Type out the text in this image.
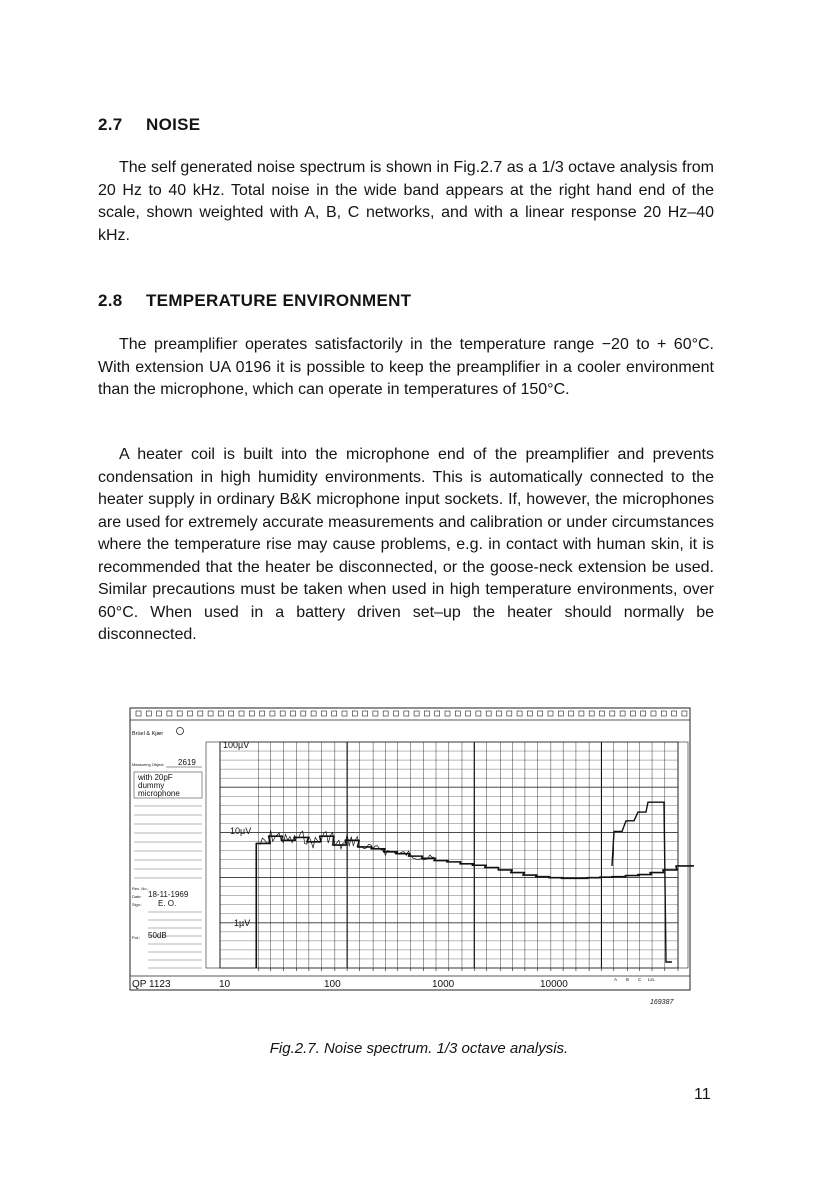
2.7 NOISE

The self generated noise spectrum is shown in Fig.2.7 as a 1/3 octave analysis from 20 Hz to 40 kHz. Total noise in the wide band appears at the right hand end of the scale, shown weighted with A, B, C networks, and with a linear response 20 Hz–40 kHz.

2.8 TEMPERATURE ENVIRONMENT

The preamplifier operates satisfactorily in the temperature range −20 to + 60°C. With extension UA 0196 it is possible to keep the preamplifier in a cooler environment than the microphone, which can operate in temperatures of 150°C.

A heater coil is built into the microphone end of the preamplifier and prevents condensation in high humidity environments. This is automatically connected to the heater supply in ordinary B&K microphone input sockets. If, however, the microphones are used for extremely accurate measurements and calibration or under circumstances where the temperature rise may cause problems, e.g. in contact with human skin, it is recommended that the heater be disconnected, or the goose-neck extension be used. Similar precautions must be taken when used in high temperature environments, over 60°C. When used in a battery driven set–up the heater should normally be disconnected.

Brüel & Kjær
Measuring Object: 2619
with 20pF
dummy
microphone
Rec. No.:
Date: 18-11-1969
Sign.: E. O.
Pot.: 50dB
QP 1123
169387
100µV
10µV
1µV
10	100	1000	10000	A B C Lin.
Fig.2.7. Noise spectrum. 1/3 octave analysis.
11
